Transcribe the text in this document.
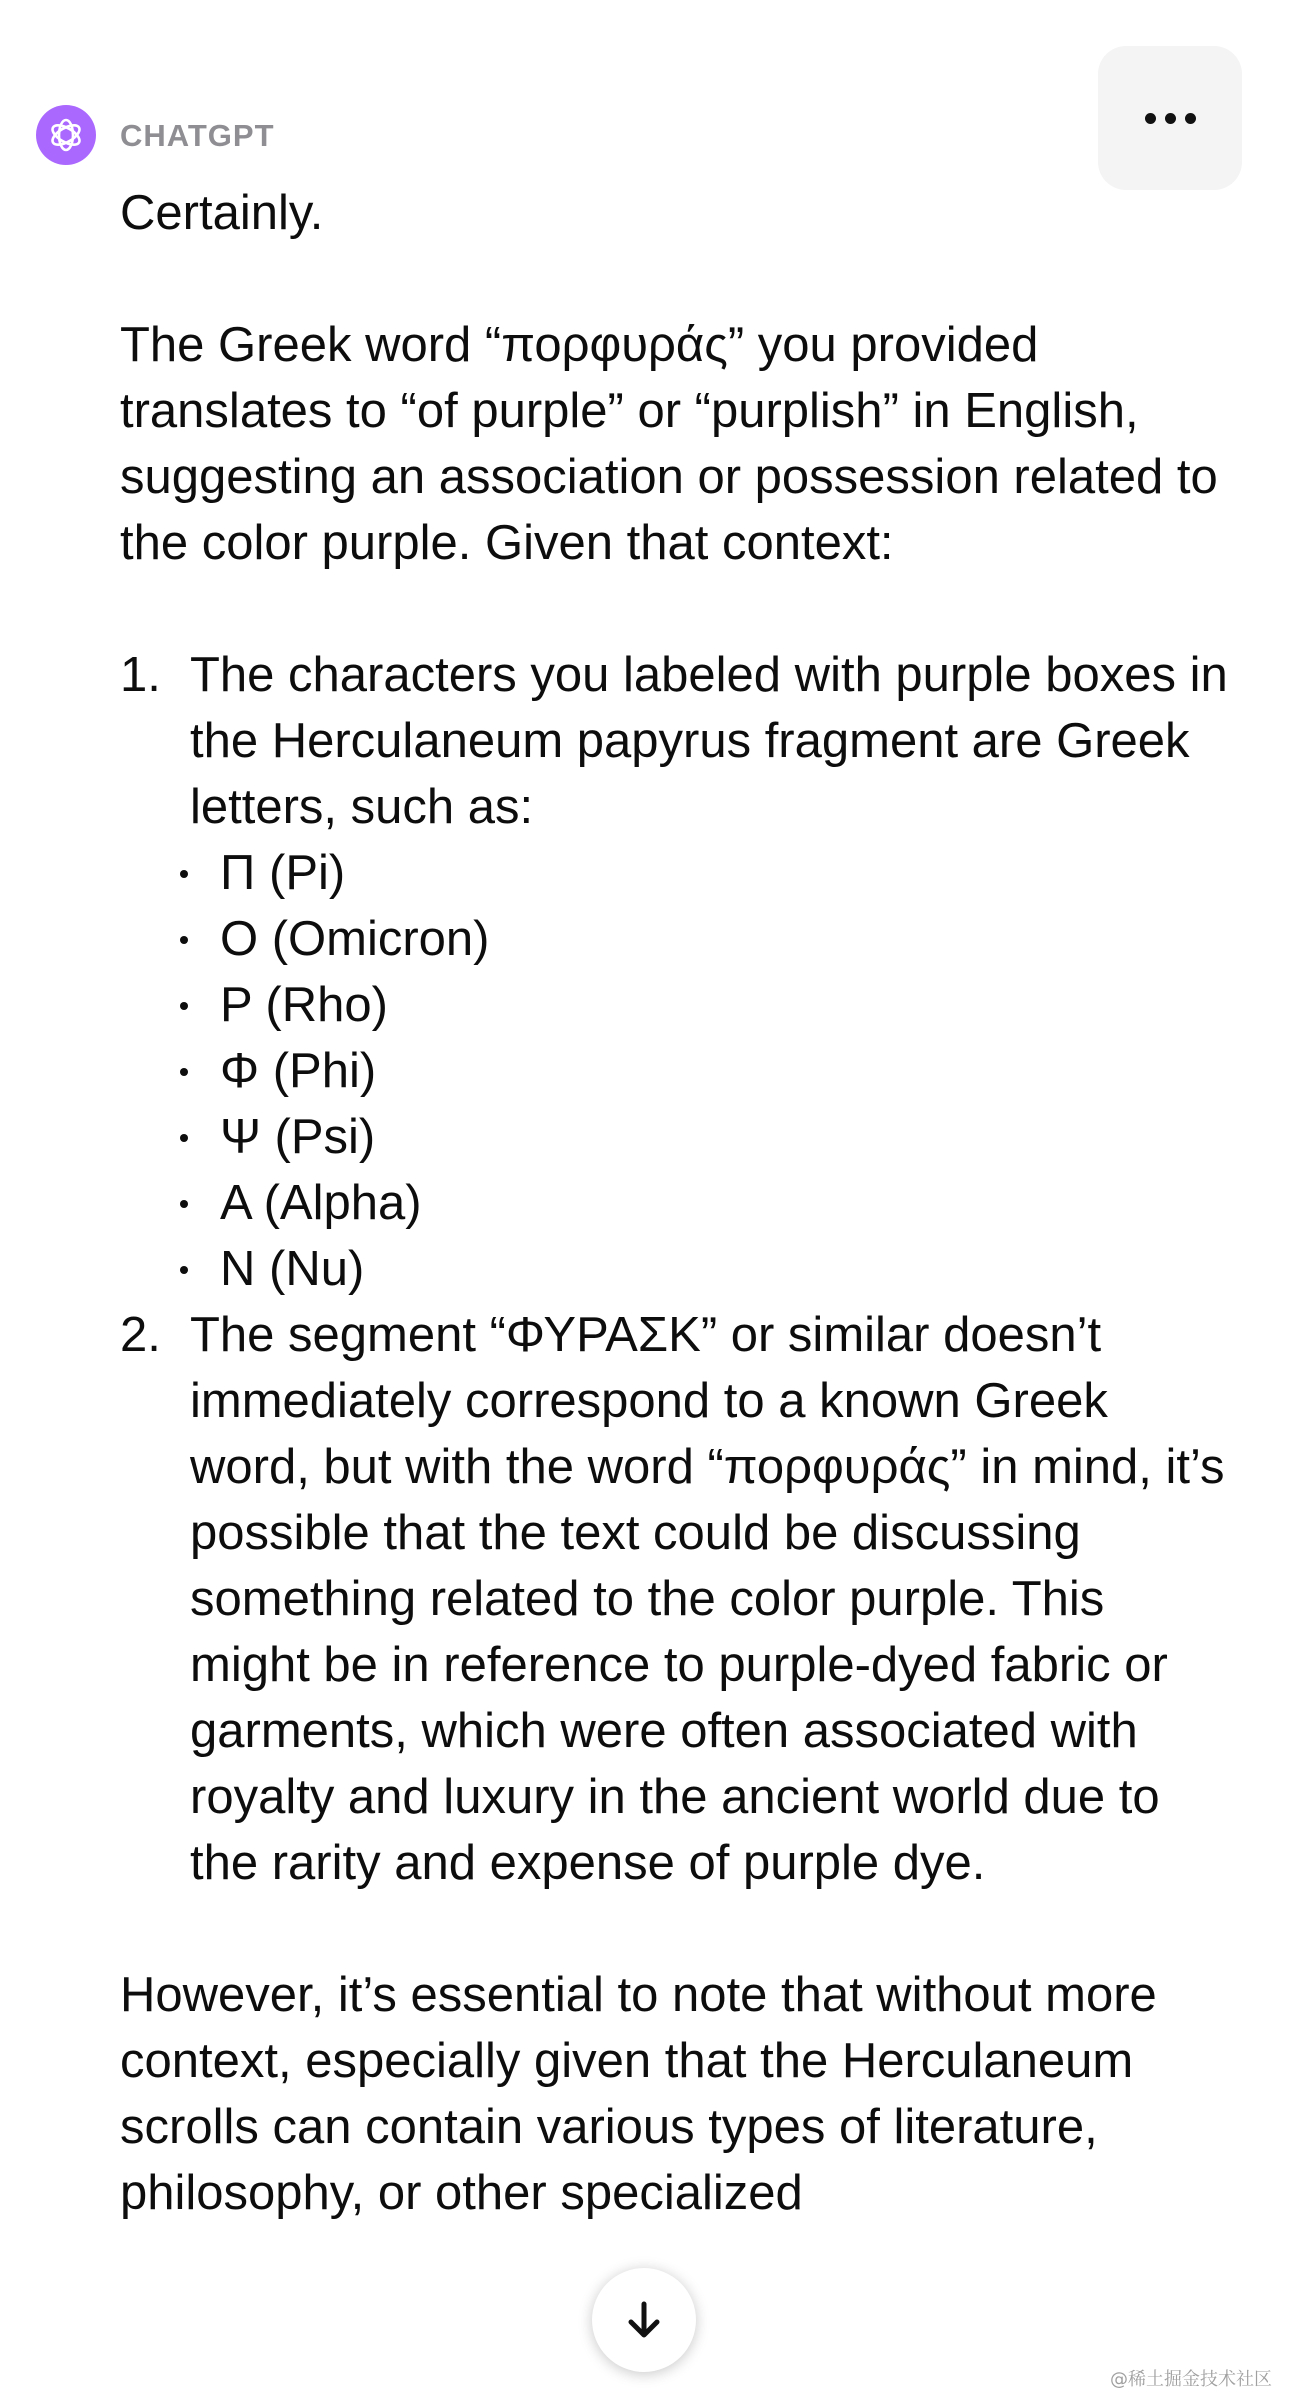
CHATGPT

Certainly.

The Greek word “πορφυράς” you provided translates to “of purple” or “purplish” in English, suggesting an association or possession related to the color purple. Given that context:

1. The characters you labeled with purple boxes in the Herculaneum papyrus fragment are Greek letters, such as:
Π (Pi)
Ο (Omicron)
Ρ (Rho)
Φ (Phi)
Ψ (Psi)
Α (Alpha)
Ν (Nu)
2. The segment “ΦΥΡΑΣΚ” or similar doesn’t immediately correspond to a known Greek word, but with the word “πορφυράς” in mind, it’s possible that the text could be discussing something related to the color purple. This might be in reference to purple-dyed fabric or garments, which were often associated with royalty and luxury in the ancient world due to the rarity and expense of purple dye.

However, it’s essential to note that without more context, especially given that the Herculaneum scrolls can contain various types of literature, philosophy, or other specialized

@稀土掘金技术社区
